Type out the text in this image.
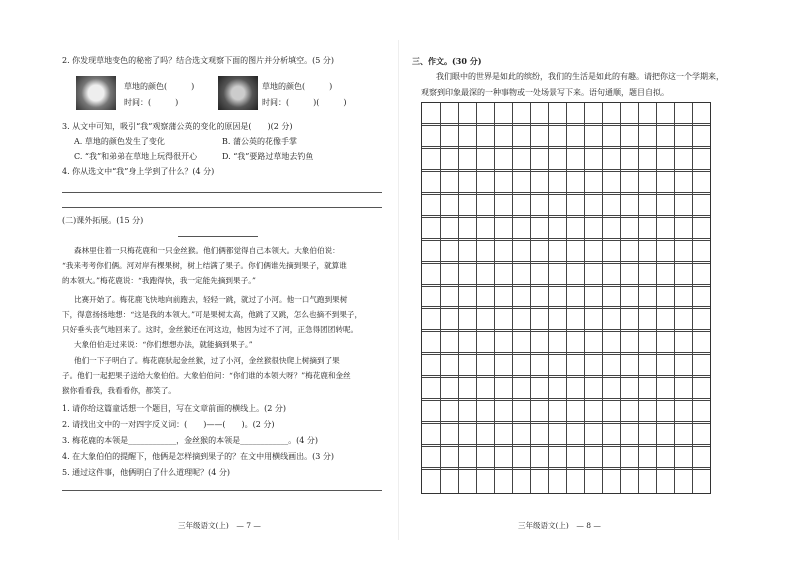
2. 你发现草地变色的秘密了吗？结合选文观察下面的图片并分析填空。(5 分)
草地的颜色(　　　)
时间：(　　　)
草地的颜色(　　　)
时间：(　　　)(　　　)
3. 从文中可知，吸引“我”观察蒲公英的变化的原因是(　　)(2 分)
A. 草地的颜色发生了变化	B. 蒲公英的花像手掌
C. “我”和弟弟在草地上玩得很开心	D. “我”要路过草地去钓鱼
4. 你从选文中“我”身上学到了什么？(4 分)
(二)课外拓展。(15 分)
森林里住着一只梅花鹿和一只金丝猴。他们俩都觉得自己本领大。大象伯伯说：
“我来考考你们俩。河对岸有棵果树，树上结满了果子。你们俩谁先摘到果子，就算谁
的本领大。”梅花鹿说：“我跑得快，我一定能先摘到果子。”
比赛开始了。梅花鹿飞快地向前跑去，轻轻一跳，就过了小河。他一口气跑到果树
下，得意扬扬地想：“这是我的本领大。”可是果树太高，他跳了又跳，怎么也摘不到果子，
只好垂头丧气地回来了。这时，金丝猴还在河这边，他因为过不了河，正急得团团转呢。
大象伯伯走过来说：“你们想想办法，就能摘到果子。”
他们一下子明白了。梅花鹿驮起金丝猴，过了小河，金丝猴很快爬上树摘到了果
子。他们一起把果子送给大象伯伯。大象伯伯问：“你们谁的本领大呀？”梅花鹿和金丝
猴你看看我，我看看你，都笑了。
1. 请你给这篇童话想一个题目，写在文章前面的横线上。(2 分)
2. 请找出文中的一对四字反义词：(　　)——(　　)。(2 分)
3. 梅花鹿的本领是____________，金丝猴的本领是____________。(4 分)
4. 在大象伯伯的提醒下，他俩是怎样摘到果子的？在文中用横线画出。(3 分)
5. 通过这件事，他俩明白了什么道理呢？(4 分)
三年级语文(上)　— 7 —
三、作文。(30 分)
我们眼中的世界是如此的缤纷，我们的生活是如此的有趣。请把你这一个学期来，
观察到印象最深的一种事物或一处场景写下来。语句通顺，题目自拟。
三年级语文(上)　— 8 —
